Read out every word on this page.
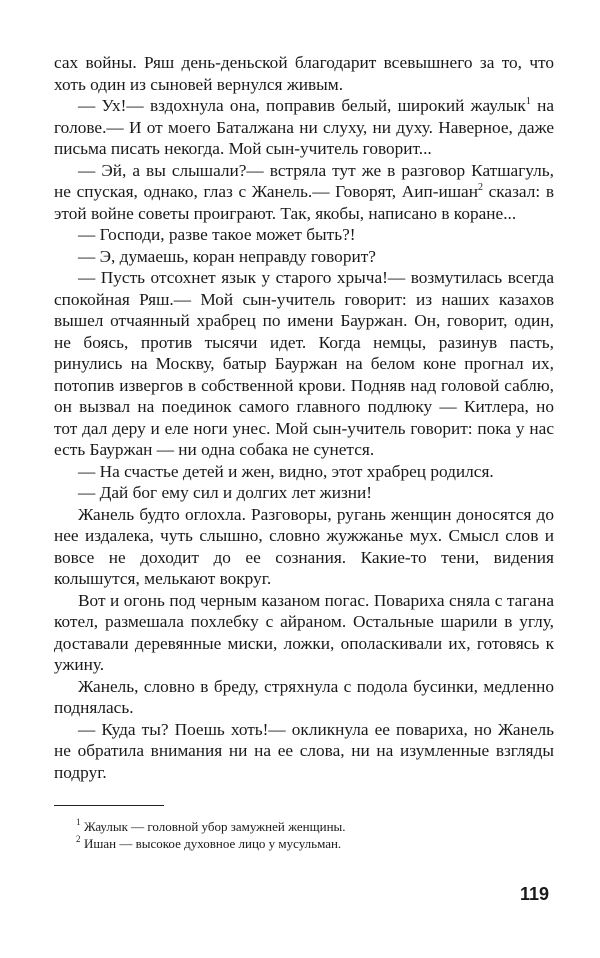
сах войны. Ряш день-деньской благодарит всевышнего за то, что хоть один из сыновей вернулся живым.

— Ух!— вздохнула она, поправив белый, широкий жаулык$^1$ на голове.— И от моего Баталжана ни слуху, ни духу. Наверное, даже письма писать некогда. Мой сын-учитель говорит...

— Эй, а вы слышали?— встряла тут же в разговор Катшагуль, не спуская, однако, глаз с Жанель.— Говорят, Аип-ишан$^2$ сказал: в этой войне советы проиграют. Так, якобы, написано в коране...

— Господи, разве такое может быть?!

— Э, думаешь, коран неправду говорит?

— Пусть отсохнет язык у старого хрыча!— возмутилась всегда спокойная Ряш.— Мой сын-учитель говорит: из наших казахов вышел отчаянный храбрец по имени Бауржан. Он, говорит, один, не боясь, против тысячи идет. Когда немцы, разинув пасть, ринулись на Москву, батыр Бауржан на белом коне прогнал их, потопив извергов в собственной крови. Подняв над головой саблю, он вызвал на поединок самого главного подлюку — Китлера, но тот дал деру и еле ноги унес. Мой сын-учитель говорит: пока у нас есть Бауржан — ни одна собака не сунется.

— На счастье детей и жен, видно, этот храбрец родился.

— Дай бог ему сил и долгих лет жизни!

Жанель будто оглохла. Разговоры, ругань женщин доносятся до нее издалека, чуть слышно, словно жужжанье мух. Смысл слов и вовсе не доходит до ее сознания. Какие-то тени, видения колышутся, мелькают вокруг.

Вот и огонь под черным казаном погас. Повариха сняла с тагана котел, размешала похлебку с айраном. Остальные шарили в углу, доставали деревянные миски, ложки, ополаскивали их, готовясь к ужину.

Жанель, словно в бреду, стряхнула с подола бусинки, медленно поднялась.

— Куда ты? Поешь хоть!— окликнула ее повариха, но Жанель не обратила внимания ни на ее слова, ни на изумленные взгляды подруг.

1 Жаулык — головной убор замужней женщины.

2 Ишан — высокое духовное лицо у мусульман.

119
